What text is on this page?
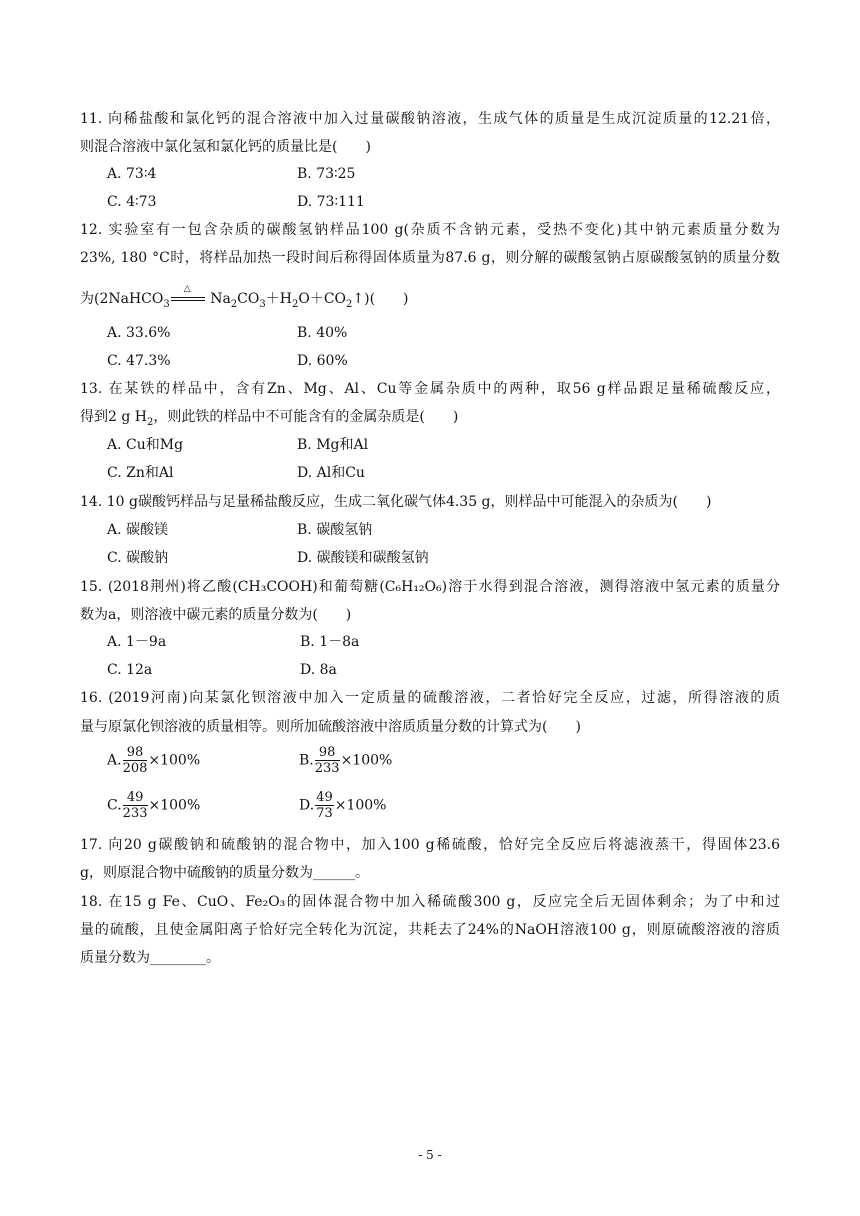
11. 向稀盐酸和氯化钙的混合溶液中加入过量碳酸钠溶液，生成气体的质量是生成沉淀质量的12.21倍，
则混合溶液中氯化氢和氯化钙的质量比是(　　)
A. 73∶4	B. 73∶25
C. 4∶73	D. 73∶111
12. 实验室有一包含杂质的碳酸氢钠样品100 g(杂质不含钠元素，受热不变化)其中钠元素质量分数为
23%, 180 °C时，将样品加热一段时间后称得固体质量为87.6 g，则分解的碳酸氢钠占原碳酸氢钠的质量分数
为(2NaHCO$_3$
△
$Na_2CO_3+H_2O+CO_2↑$)(　　)
A. 33.6%	B. 40%
C. 47.3%	D. 60%
13. 在某铁的样品中，含有Zn、Mg、Al、Cu等金属杂质中的两种，取56 g样品跟足量稀硫酸反应，
得到2 g $H_2$，则此铁的样品中不可能含有的金属杂质是(　　)
A. Cu和Mg	B. Mg和Al
C. Zn和Al	D. Al和Cu
14. 10 g碳酸钙样品与足量稀盐酸反应，生成二氧化碳气体4.35 g，则样品中可能混入的杂质为(　　)
A. 碳酸镁	B. 碳酸氢钠
C. 碳酸钠	D. 碳酸镁和碳酸氢钠
15. (2018荆州)将乙酸(CH₃COOH)和葡萄糖(C₆H₁₂O₆)溶于水得到混合溶液，测得溶液中氢元素的质量分
数为a，则溶液中碳元素的质量分数为(　　)
A. 1－9a	B. 1－8a
C. 12a	D. 8a
16. (2019河南)向某氯化钡溶液中加入一定质量的硫酸溶液，二者恰好完全反应，过滤，所得溶液的质
量与原氯化钡溶液的质量相等。则所加硫酸溶液中溶质质量分数的计算式为(　　)
A. $\frac{98}{208} \times 100\%$	B. $\frac{98}{233} \times 100\%$
C. $\frac{49}{233} \times 100\%$	D. $\frac{49}{73} \times 100\%$
17. 向20 g碳酸钠和硫酸钠的混合物中，加入100 g稀硫酸，恰好完全反应后将滤液蒸干，得固体23.6
g，则原混合物中硫酸钠的质量分数为______。
18. 在15 g Fe、CuO、Fe₂O₃的固体混合物中加入稀硫酸300 g，反应完全后无固体剩余；为了中和过
量的硫酸，且使金属阳离子恰好完全转化为沉淀，共耗去了24%的NaOH溶液100 g，则原硫酸溶液的溶质
质量分数为________。
- 5 -
